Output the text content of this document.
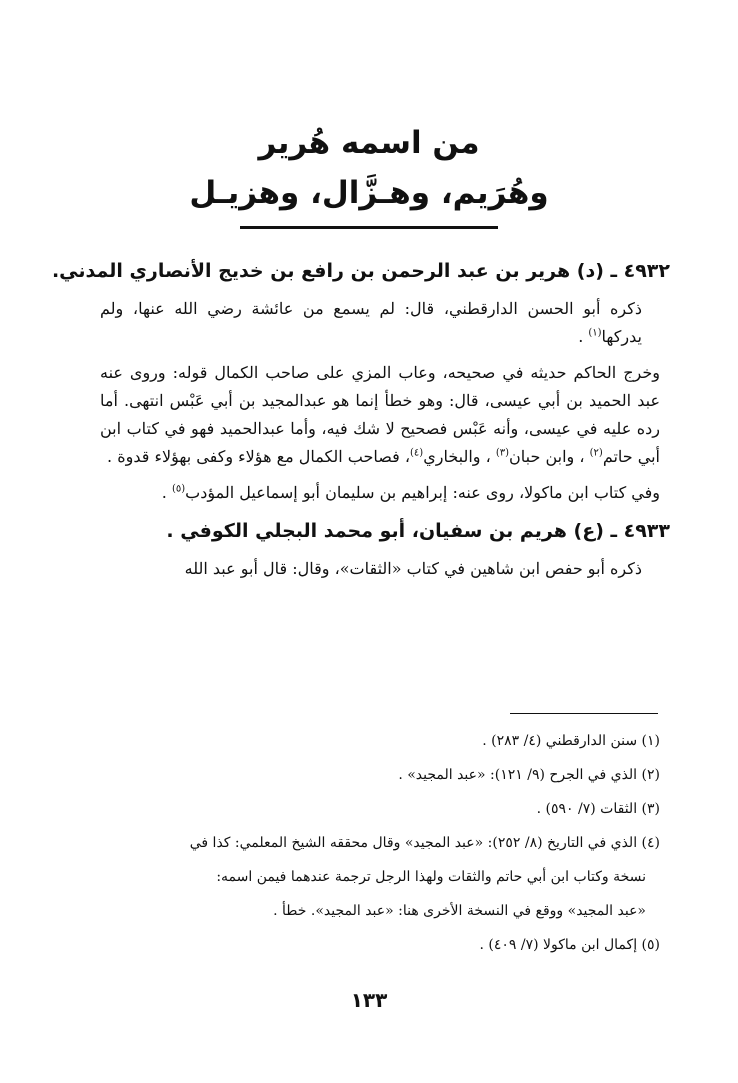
من اسمه هُرير
وهُرَيم، وهـزَّال، وهزيـل
٤٩٣٢ ـ (د) هرير بن عبد الرحمن بن رافع بن خديج الأنصاري المدني.
ذكره أبو الحسن الدارقطني، قال: لم يسمع من عائشة رضي الله عنها، ولم يدركها$^{(١)}$ .
وخرج الحاكم حديثه في صحيحه، وعاب المزي على صاحب الكمال قوله: وروى عنه عبد الحميد بن أبي عيسى، قال: وهو خطأ إنما هو عبدالمجيد بن أبي عَبْس انتهى. أما رده عليه في عيسى، وأنه عَبْس فصحيح لا شك فيه، وأما عبدالحميد فهو في كتاب ابن أبي حاتم$^{(٢)}$ ، وابن حبان$^{(٣)}$ ، والبخاري$^{(٤)}$، فصاحب الكمال مع هؤلاء وكفى بهؤلاء قدوة .
وفي كتاب ابن ماكولا، روى عنه: إبراهيم بن سليمان أبو إسماعيل المؤدب$^{(٥)}$ .
٤٩٣٣ ـ (ع) هريم بن سفيان، أبو محمد البجلي الكوفي .
ذكره أبو حفص ابن شاهين في كتاب «الثقات»، وقال: قال أبو عبد الله
(١) سنن الدارقطني (٤/ ٢٨٣) .
(٢) الذي في الجرح (٩/ ١٢١): «عبد المجيد» .
(٣) الثقات (٧/ ٥٩٠) .
(٤) الذي في التاريخ (٨/ ٢٥٢): «عبد المجيد» وقال محققه الشيخ المعلمي: كذا في
نسخة وكتاب ابن أبي حاتم والثقات ولهذا الرجل ترجمة عندهما فيمن اسمه:
«عبد المجيد» ووقع في النسخة الأخرى هنا: «عبد المجيد». خطأ .
(٥) إكمال ابن ماكولا (٧/ ٤٠٩) .
١٣٣
